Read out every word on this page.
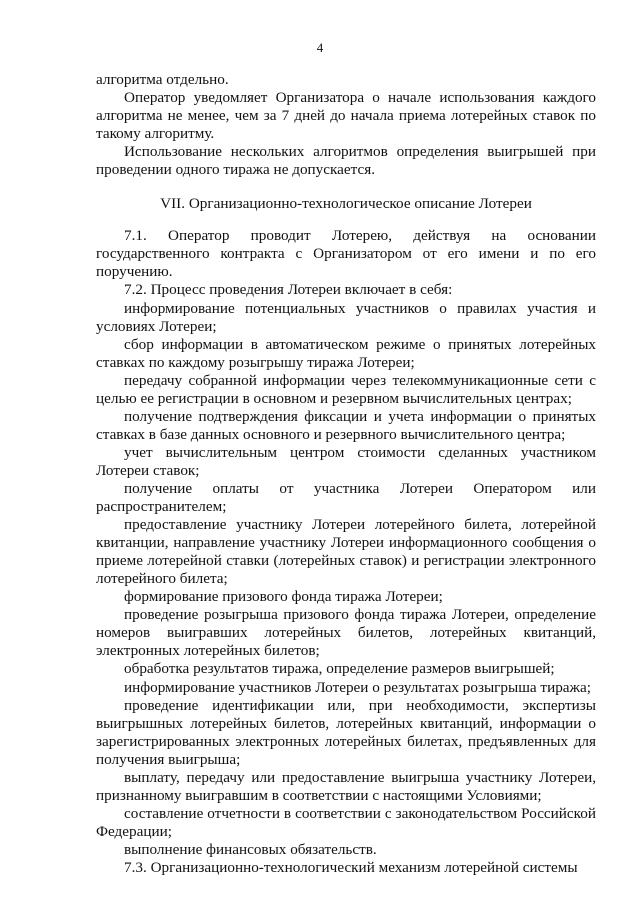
4

алгоритма отдельно.

Оператор уведомляет Организатора о начале использования каждого алгоритма не менее, чем за 7 дней до начала приема лотерейных ставок по такому алгоритму.

Использование нескольких алгоритмов определения выигрышей при проведении одного тиража не допускается.

VII. Организационно-технологическое описание Лотереи

7.1. Оператор проводит Лотерею, действуя на основании государственного контракта с Организатором от его имени и по его поручению.

7.2. Процесс проведения Лотереи включает в себя:

информирование потенциальных участников о правилах участия и условиях Лотереи;

сбор информации в автоматическом режиме о принятых лотерейных ставках по каждому розыгрышу тиража Лотереи;

передачу собранной информации через телекоммуникационные сети с целью ее регистрации в основном и резервном вычислительных центрах;

получение подтверждения фиксации и учета информации о принятых ставках в базе данных основного и резервного вычислительного центра;

учет вычислительным центром стоимости сделанных участником Лотереи ставок;

получение оплаты от участника Лотереи Оператором или распространителем;

предоставление участнику Лотереи лотерейного билета, лотерейной квитанции, направление участнику Лотереи информационного сообщения о приеме лотерейной ставки (лотерейных ставок) и регистрации электронного лотерейного билета;

формирование призового фонда тиража Лотереи;

проведение розыгрыша призового фонда тиража Лотереи, определение номеров выигравших лотерейных билетов, лотерейных квитанций, электронных лотерейных билетов;

обработка результатов тиража, определение размеров выигрышей;

информирование участников Лотереи о результатах розыгрыша тиража;

проведение идентификации или, при необходимости, экспертизы выигрышных лотерейных билетов, лотерейных квитанций, информации о зарегистрированных электронных лотерейных билетах, предъявленных для получения выигрыша;

выплату, передачу или предоставление выигрыша участнику Лотереи, признанному выигравшим в соответствии с настоящими Условиями;

составление отчетности в соответствии с законодательством Российской Федерации;

выполнение финансовых обязательств.

7.3. Организационно-технологический механизм лотерейной системы
